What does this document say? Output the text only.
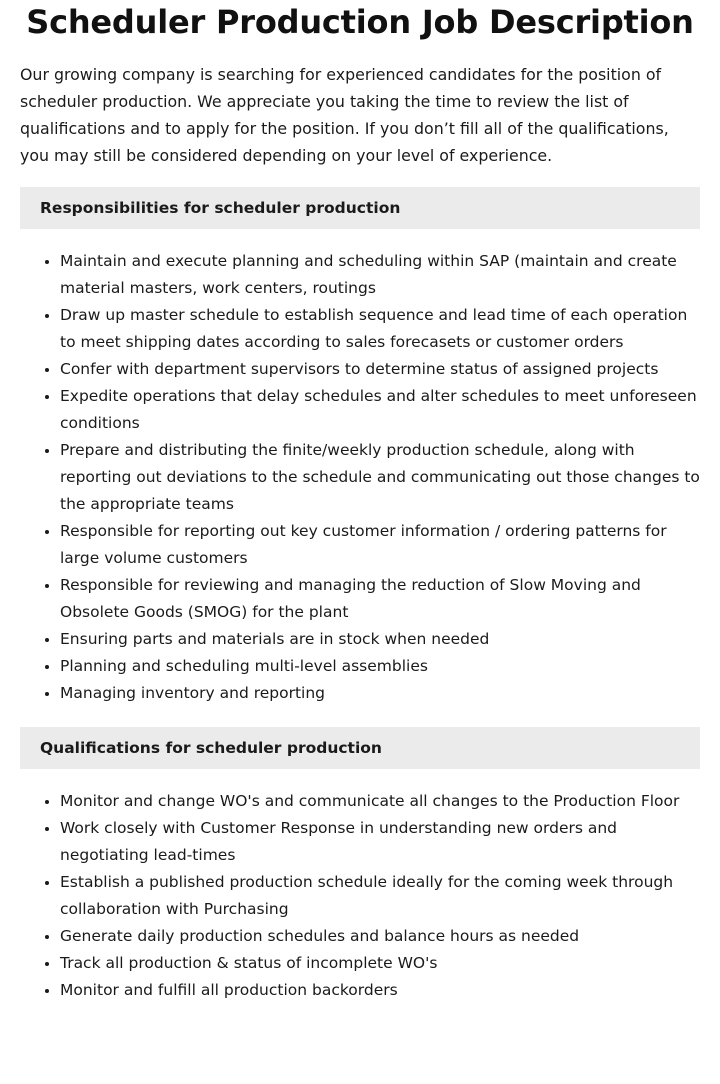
Scheduler Production Job Description

Our growing company is searching for experienced candidates for the position of scheduler production. We appreciate you taking the time to review the list of qualifications and to apply for the position. If you don’t fill all of the qualifications, you may still be considered depending on your level of experience.

Responsibilities for scheduler production
• Maintain and execute planning and scheduling within SAP (maintain and create material masters, work centers, routings
• Draw up master schedule to establish sequence and lead time of each operation to meet shipping dates according to sales forecasets or customer orders
• Confer with department supervisors to determine status of assigned projects
• Expedite operations that delay schedules and alter schedules to meet unforeseen conditions
• Prepare and distributing the finite/weekly production schedule, along with reporting out deviations to the schedule and communicating out those changes to the appropriate teams
• Responsible for reporting out key customer information / ordering patterns for large volume customers
• Responsible for reviewing and managing the reduction of Slow Moving and Obsolete Goods (SMOG) for the plant
• Ensuring parts and materials are in stock when needed
• Planning and scheduling multi-level assemblies
• Managing inventory and reporting
Qualifications for scheduler production
• Monitor and change WO's and communicate all changes to the Production Floor
• Work closely with Customer Response in understanding new orders and negotiating lead-times
• Establish a published production schedule ideally for the coming week through collaboration with Purchasing
• Generate daily production schedules and balance hours as needed
• Track all production & status of incomplete WO's
• Monitor and fulfill all production backorders
